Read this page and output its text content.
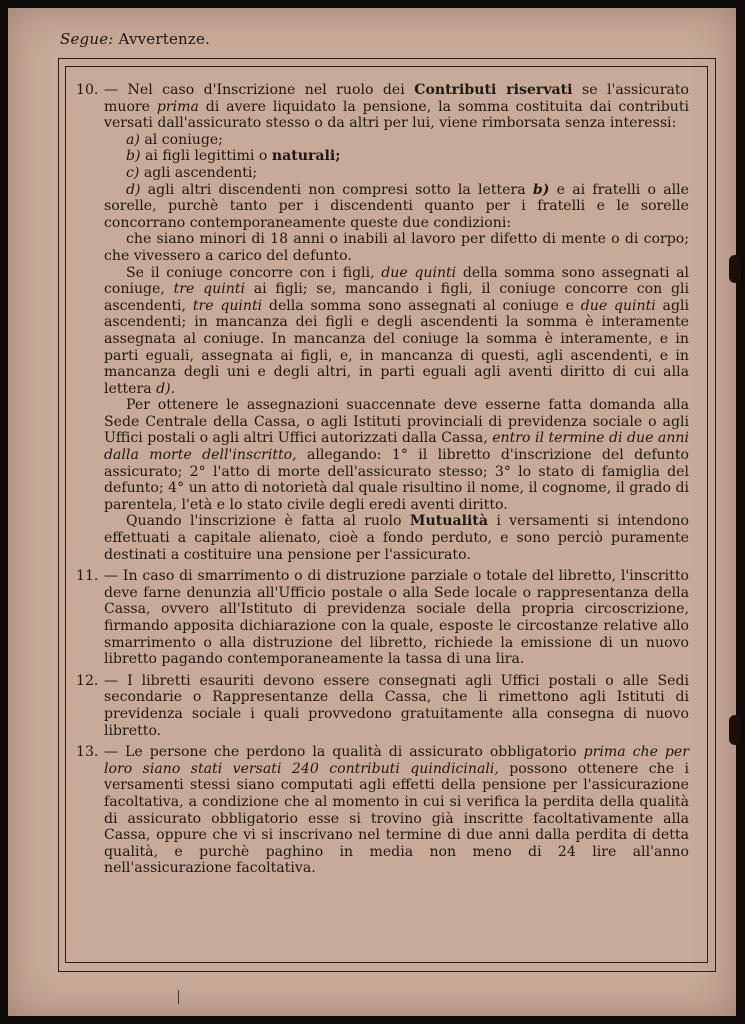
Segue: Avvertenze.
10. — Nel caso d'Inscrizione nel ruolo dei Contributi riservati se l'assicurato muore prima di avere liquidato la pensione, la somma costituita dai contributi versati dall'assicurato stesso o da altri per lui, viene rimborsata senza interessi:

a) al coniuge;

b) ai figli legittimi o naturali;

c) agli ascendenti;

d) agli altri discendenti non compresi sotto la lettera b) e ai fratelli o alle sorelle, purchè tanto per i discendenti quanto per i fratelli e le sorelle concorrano contemporaneamente queste due condizioni:

che siano minori di 18 anni o inabili al lavoro per difetto di mente o di corpo; che vivessero a carico del defunto.

Se il coniuge concorre con i figli, due quinti della somma sono assegnati al coniuge, tre quinti ai figli; se, mancando i figli, il coniuge concorre con gli ascendenti, tre quinti della somma sono assegnati al coniuge e due quinti agli ascendenti; in mancanza dei figli e degli ascendenti la somma è interamente assegnata al coniuge. In mancanza del coniuge la somma è interamente, e in parti eguali, assegnata ai figli, e, in mancanza di questi, agli ascendenti, e in mancanza degli uni e degli altri, in parti eguali agli aventi diritto di cui alla lettera d).

Per ottenere le assegnazioni suaccennate deve esserne fatta domanda alla Sede Centrale della Cassa, o agli Istituti provinciali di previdenza sociale o agli Uffici postali o agli altri Uffici autorizzati dalla Cassa, entro il termine di due anni dalla morte dell'inscritto, allegando: 1° il libretto d'inscrizione del defunto assicurato; 2° l'atto di morte dell'assicurato stesso; 3° lo stato di famiglia del defunto; 4° un atto di notorietà dal quale risultino il nome, il cognome, il grado di parentela, l'età e lo stato civile degli eredi aventi diritto.

Quando l'inscrizione è fatta al ruolo Mutualità i versamenti si intendono effettuati a capitale alienato, cioè a fondo perduto, e sono perciò puramente destinati a costituire una pensione per l'assicurato.

11. — In caso di smarrimento o di distruzione parziale o totale del libretto, l'inscritto deve farne denunzia all'Ufficio postale o alla Sede locale o rappresentanza della Cassa, ovvero all'Istituto di previdenza sociale della propria circoscrizione, firmando apposita dichiarazione con la quale, esposte le circostanze relative allo smarrimento o alla distruzione del libretto, richiede la emissione di un nuovo libretto pagando contemporaneamente la tassa di una lira.

12. — I libretti esauriti devono essere consegnati agli Uffici postali o alle Sedi secondarie o Rappresentanze della Cassa, che li rimettono agli Istituti di previdenza sociale i quali provvedono gratuitamente alla consegna di nuovo libretto.

13. — Le persone che perdono la qualità di assicurato obbligatorio prima che per loro siano stati versati 240 contributi quindicinali, possono ottenere che i versamenti stessi siano computati agli effetti della pensione per l'assicurazione facoltativa, a condizione che al momento in cui si verifica la perdita della qualità di assicurato obbligatorio esse si trovino già inscritte facoltativamente alla Cassa, oppure che vi si inscrivano nel termine di due anni dalla perdita di detta qualità, e purchè paghino in media non meno di 24 lire all'anno nell'assicurazione facoltativa.
